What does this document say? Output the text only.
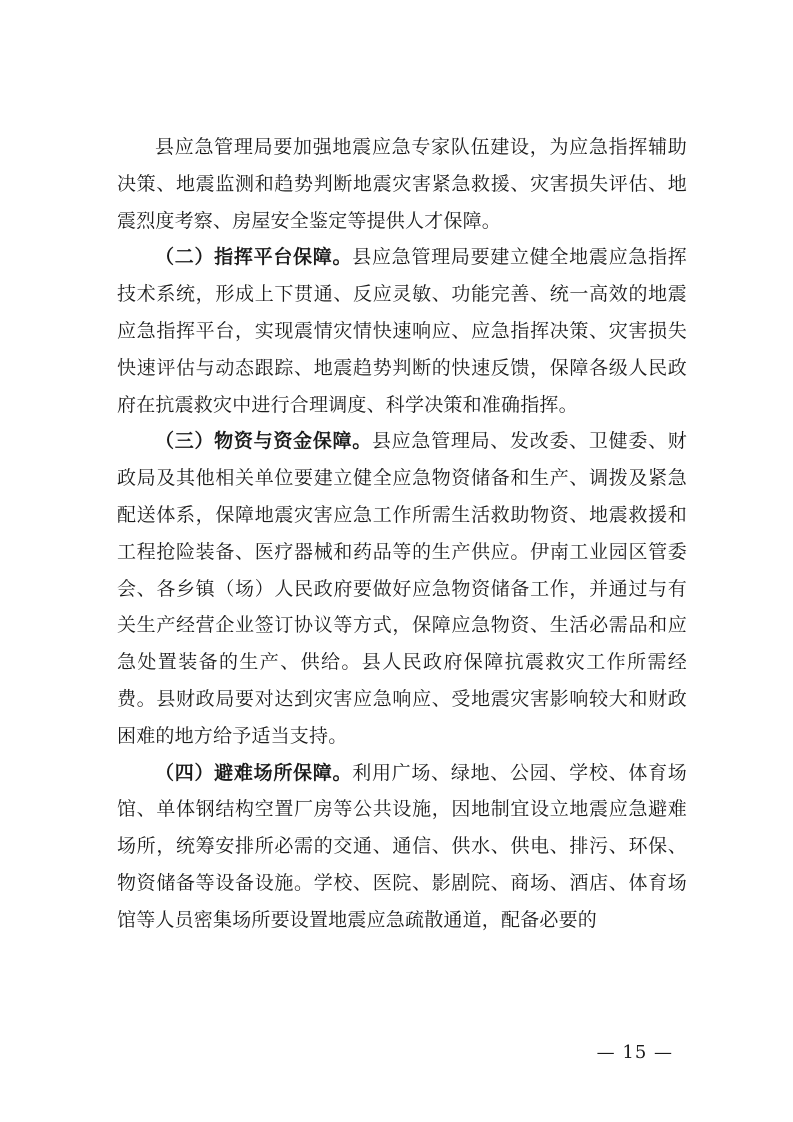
县应急管理局要加强地震应急专家队伍建设，为应急指挥辅助决策、地震监测和趋势判断地震灾害紧急救援、灾害损失评估、地震烈度考察、房屋安全鉴定等提供人才保障。

（二）指挥平台保障。县应急管理局要建立健全地震应急指挥技术系统，形成上下贯通、反应灵敏、功能完善、统一高效的地震应急指挥平台，实现震情灾情快速响应、应急指挥决策、灾害损失快速评估与动态跟踪、地震趋势判断的快速反馈，保障各级人民政府在抗震救灾中进行合理调度、科学决策和准确指挥。

（三）物资与资金保障。县应急管理局、发改委、卫健委、财政局及其他相关单位要建立健全应急物资储备和生产、调拨及紧急配送体系，保障地震灾害应急工作所需生活救助物资、地震救援和工程抢险装备、医疗器械和药品等的生产供应。伊南工业园区管委会、各乡镇（场）人民政府要做好应急物资储备工作，并通过与有关生产经营企业签订协议等方式，保障应急物资、生活必需品和应急处置装备的生产、供给。县人民政府保障抗震救灾工作所需经费。县财政局要对达到灾害应急响应、受地震灾害影响较大和财政困难的地方给予适当支持。

（四）避难场所保障。利用广场、绿地、公园、学校、体育场馆、单体钢结构空置厂房等公共设施，因地制宜设立地震应急避难场所，统筹安排所必需的交通、通信、供水、供电、排污、环保、物资储备等设备设施。学校、医院、影剧院、商场、酒店、体育场馆等人员密集场所要设置地震应急疏散通道，配备必要的

— 15 —
